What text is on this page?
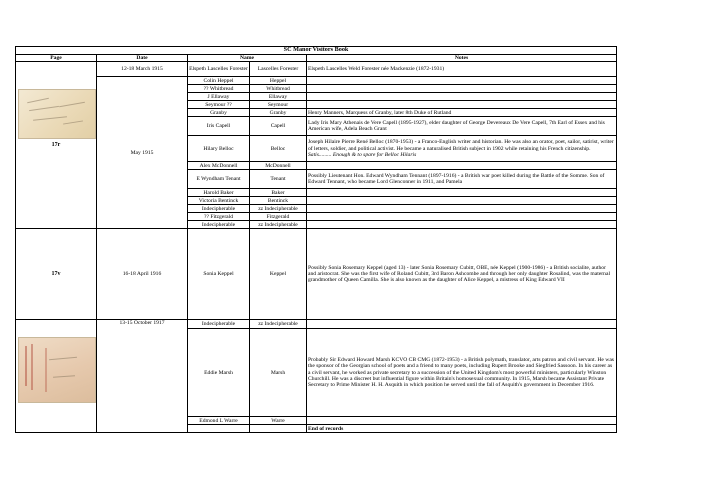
SC Manor Visitors Book				
Page	Date	Name		Notes
17r	12-18 March 1915	Elspeth Lascelles Forester	Lascelles Forester	Elspeth Lascelles Weld Forester née Mackenzie (1872-1931)
	May 1915	Colin Heppel	Heppel	
		?? Whitbread	Whitbread	
		J Ellaway	Ellaway	
		Seymour ??	Seymour	
		Granby	Granby	Henry Manners, Marquess of Granby, later 8th Duke of Rutland
		Iris Capell	Capell	Lady Iris Mary Athenais de Vere Capell (1895-1927), elder daughter of George Devereaux De Vere Capell, 7th Earl of Essex and his American wife, Adela Beach Grant
		Hilary Belloc	Belloc	Joseph Hilaire Pierre René Belloc (1870-1953) - a Franco-English writer and historian. He was also an orator, poet, sailor, satirist, writer of letters, soldier, and political activist. He became a naturalised British subject in 1902 while retaining his French citizenship. Satis......... Enough & to spare for Belloc Hilaris
		Alex McDonnell	McDonnell	
		E Wyndham Tenant	Tenant	Possibly Lieutenant Hon. Edward Wyndham Tennant (1897-1916) - a British war poet killed during the Battle of the Somme. Son of Edward Tennant, who became Lord Glenconner in 1911, and Pamela
		Harold Baker	Baker	
		Victoria Bentinck	Bentinck	
		Indecipherable	zz Indecipherable	
		?? Fitzgerald	Fitzgerald	
		Indecipherable	zz Indecipherable	
17v	16-18 April 1916	Sonia Keppel	Keppel	Possibly Sonia Rosemary Keppel (aged 13) - later Sonia Rosemary Cubitt, OBE, née Keppel (1900-1986) - a British socialite, author and aristocrat. She was the first wife of Roland Cubitt, 3rd Baron Ashcombe and through her only daughter Rosalind, was the maternal grandmother of Queen Camilla. She is also known as the daughter of Alice Keppel, a mistress of King Edward VII

	13-15 October 1917	Indecipherable	zz Indecipherable	
		Eddie Marsh	Marsh	Probably Sir Edward Howard Marsh KCVO CB CMG (1872-1953) - a British polymath, translator, arts patron and civil servant. He was the sponsor of the Georgian school of poets and a friend to many poets, including Rupert Brooke and Siegfried Sassoon. In his career as a civil servant, he worked as private secretary to a succession of the United Kingdom's most powerful ministers, particularly Winston Churchill. He was a discreet but influential figure within Britain's homosexual community. In 1915, Marsh became Assistant Private Secretary to Prime Minister H. H. Asquith in which position he served until the fall of Asquith's government in December 1916.
		Edmond L Warre	Warre	
				End of records
